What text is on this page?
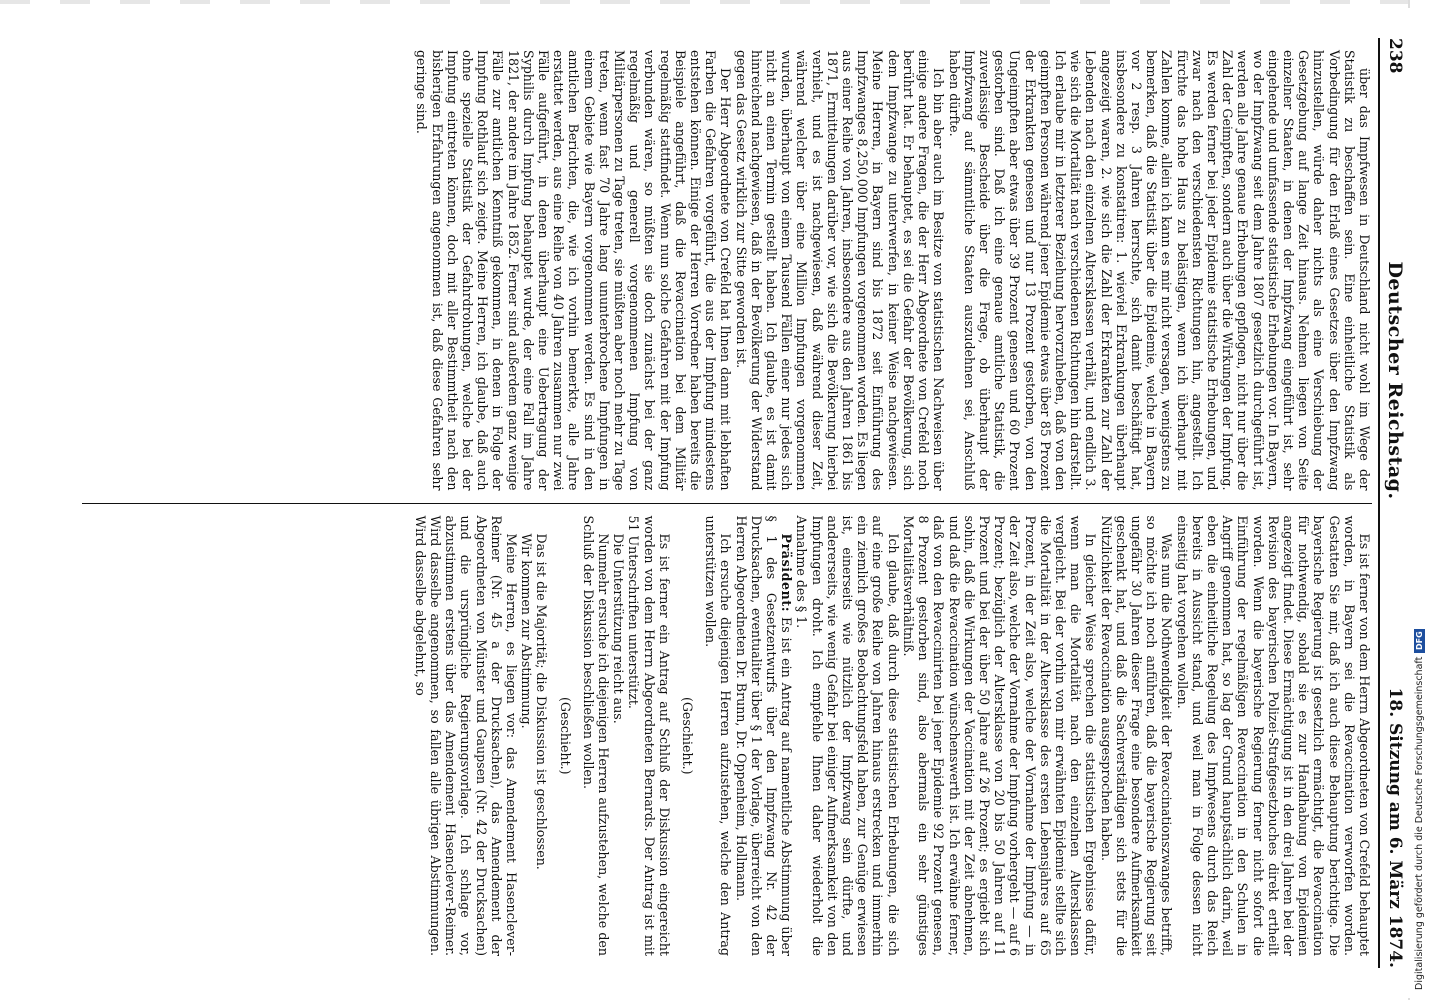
238
Deutscher Reichstag.
18. Sitzung am 6. März 1874.

über das Impfwesen in Deutschland nicht wohl im Wege der Statistik zu beschaffen sein. Eine einheitliche Statistik als Vorbedingung für den Erlaß eines Gesetzes über den Impfzwang hinzustellen, würde daher nichts als eine Verschiebung der Gesetzgebung auf lange Zeit hinaus. Nehmen liegen von Seite einzelner Staaten, in denen der Impfzwang eingeführt ist, sehr eingehende und umfassende statistische Erhebungen vor. In Bayern, wo der Impfzwang seit dem Jahre 1807 gesetzlich durchgeführt ist, werden alle Jahre genaue Erhebungen gepflogen, nicht nur über die Zahl der Geimpften, sondern auch über die Wirkungen der Impfung. Es werden ferner bei jeder Epidemie statistische Erhebungen, und zwar nach den verschiedensten Richtungen hin, angestellt. Ich fürchte das hohe Haus zu belästigen, wenn ich überhaupt mit Zahlen komme, allein ich kann es mir nicht versagen, wenigstens zu bemerken, daß die Statistik über die Epidemie, welche in Bayern vor 2 resp. 3 Jahren herrschte, sich damit beschäftigt hat, insbesondere zu konstatiren: 1. wieviel Erkrankungen überhaupt angezeigt waren, 2. wie sich die Zahl der Erkrankten zur Zahl der Lebenden nach den einzelnen Altersklassen verhält, und endlich 3. wie sich die Mortalität nach verschiedenen Richtungen hin darstellt. Ich erlaube mir in letzterer Beziehung hervorzuheben, daß von den geimpften Personen während jener Epidemie etwas über 85 Prozent der Erkrankten genesen und nur 13 Prozent gestorben, von den Ungeimpften aber etwas über 39 Prozent genesen und 60 Prozent gestorben sind. Daß ich eine genaue amtliche Statistik, die zuverlässige Bescheide über die Frage, ob überhaupt der Impfzwang auf sämmtliche Staaten auszudehnen sei, Anschluß haben dürfte.

Ich bin aber auch im Besitze von statistischen Nachweisen über einige andere Fragen, die der Herr Abgeordnete von Crefeld noch berührt hat. Er behauptet, es sei die Gefahr der Bevölkerung, sich dem Impfzwange zu unterwerfen, in keiner Weise nachgewiesen. Meine Herren, in Bayern sind bis 1872 seit Einführung des Impfzwanges 8,250,000 Impfungen vorgenommen worden. Es liegen aus einer Reihe von Jahren, insbesondere aus den Jahren 1861 bis 1871, Ermittelungen darüber vor, wie sich die Bevölkerung hierbei verhielt, und es ist nachgewiesen, daß während dieser Zeit, während welcher über eine Million Impfungen vorgenommen wurden, überhaupt von einem Tausend Fällen einer nur jedes sich nicht an einen Termin gestellt haben. Ich glaube, es ist damit hinreichend nachgewiesen, daß in der Bevölkerung der Widerstand gegen das Gesetz wirklich zur Sitte geworden ist.

Der Herr Abgeordnete von Crefeld hat Ihnen dann mit lebhaften Farben die Gefahren vorgeführt, die aus der Impfung mindestens entstehen können. Einige der Herren Vorredner haben bereits die Beispiele angeführt, daß die Revaccination bei dem Militär regelmäßig stattfindet. Wenn nun solche Gefahren mit der Impfung verbunden wären, so müßten sie doch zunächst bei der ganz regelmäßig und generell vorgenommenen Impfung von Militärpersonen zu Tage treten, sie müßten aber noch mehr zu Tage treten, wenn fast 70 Jahre lang ununterbrochene Impfungen in einem Gebiete wie Bayern vorgenommen werden. Es sind in den amtlichen Berichten, die, wie ich vorhin bemerkte, alle Jahre erstattet werden, aus eine Reihe von 40 Jahren zusammen nur zwei Fälle aufgeführt, in denen überhaupt eine Uebertragung der Syphilis durch Impfung behauptet wurde, der eine Fall im Jahre 1821, der andere im Jahre 1852. Ferner sind außerdem ganz wenige Fälle zur amtlichen Kenntniß gekommen, in denen in Folge der Impfung Rothlauf sich zeigte. Meine Herren, ich glaube, daß auch ohne spezielle Statistik der Gefahrdrohungen, welche bei der Impfung eintreten können, doch mit aller Bestimmtheit nach den bisherigen Erfahrungen angenommen ist, daß diese Gefahren sehr geringe sind.

Es ist ferner von dem Herrn Abgeordneten von Crefeld behauptet worden, in Bayern sei die Revaccination verworfen worden. Gestatten Sie mir, daß ich auch diese Behauptung berichtige. Die bayerische Regierung ist gesetzlich ermächtigt, die Revaccination für nothwendig, sobald sie es zur Handhabung von Epidemien angezeigt findet. Diese Ermächtigung ist in den drei Jahren bei der Revision des bayerischen Polizei-Strafgesetzbuches direkt ertheilt worden. Wenn die bayerische Regierung ferner nicht sofort die Einführung der regelmäßigen Revaccination in den Schulen in Angriff genommen hat, so lag der Grund hauptsächlich darin, weil eben die einheitliche Regelung des Impfwesens durch das Reich bereits in Aussicht stand, und weil man in Folge dessen nicht einseitig hat vorgehen wollen.

Was nun die Nothwendigkeit der Revaccinationszwanges betrifft, so möchte ich noch anführen, daß die bayerische Regierung seit ungefähr 30 Jahren dieser Frage eine besondere Aufmerksamkeit geschenkt hat, und daß die Sachverständigen sich stets für die Nützlichkeit der Revaccination ausgesprochen haben.

In gleicher Weise sprechen die statistischen Ergebnisse dafür, wenn man die Mortalität nach den einzelnen Altersklassen vergleicht. Bei der vorhin von mir erwähnten Epidemie stellte sich die Mortalität in der Altersklasse des ersten Lebensjahres auf 65 Prozent, in der Zeit also, welche der Vornahme der Impfung — in der Zeit also, welche der Vornahme der Impfung vorhergeht — auf 6 Prozent; bezüglich der Altersklasse von 20 bis 50 Jahren auf 11 Prozent und bei der über 50 Jahre auf 26 Prozent; es ergiebt sich sohin, daß die Wirkungen der Vaccination mit der Zeit abnehmen, und daß die Revaccination wünschenswerth ist. Ich erwähne ferner, daß von den Revaccinirten bei jener Epidemie 92 Prozent genesen, 8 Prozent gestorben sind, also abermals ein sehr günstiges Mortalitätsverhältniß.

Ich glaube, daß durch diese statistischen Erhebungen, die sich auf eine große Reihe von Jahren hinaus erstrecken und immerhin ein ziemlich großes Beobachtungsfeld haben, zur Genüge erwiesen ist, einerseits wie nützlich der Impfzwang sein dürfte, und andererseits, wie wenig Gefahr bei einiger Aufmerksamkeit von den Impfungen droht. Ich empfehle Ihnen daher wiederholt die Annahme des § 1.

Präsident: Es ist ein Antrag auf namentliche Abstimmung über § 1 des Gesetzentwurfs über den Impfzwang Nr. 42 der Drucksachen, eventualiter über § 1 der Vorlage, überreicht von den Herren Abgeordneten Dr. Brunn, Dr. Oppenheim, Hollmann.

Ich ersuche diejenigen Herren aufzustehen, welche den Antrag unterstützen wollen.

(Geschieht.)

Es ist ferner ein Antrag auf Schluß der Diskussion eingereicht worden von dem Herrn Abgeordneten Bernards. Der Antrag ist mit 51 Unterschriften unterstützt.

Die Unterstützung reicht aus.

Nunmehr ersuche ich diejenigen Herren aufzustehen, welche den Schluß der Diskussion beschließen wollen.

(Geschieht.)

Das ist die Majorität; die Diskussion ist geschlossen.

Wir kommen zur Abstimmung.

Meine Herren, es liegen vor: das Amendement Hasenclever-Reimer (Nr. 45 a der Drucksachen), das Amendement der Abgeordneten von Münster und Gaupsen (Nr. 42 der Drucksachen) und die ursprüngliche Regierungsvorlage. Ich schlage vor, abzustimmen erstens über das Amendement Hasenclever-Reimer. Wird dasselbe angenommen, so fallen alle übrigen Abstimmungen. Wird dasselbe abgelehnt, so

Digitalisierung gefördert durch die Deutsche Forschungsgemeinschaft
DFG
